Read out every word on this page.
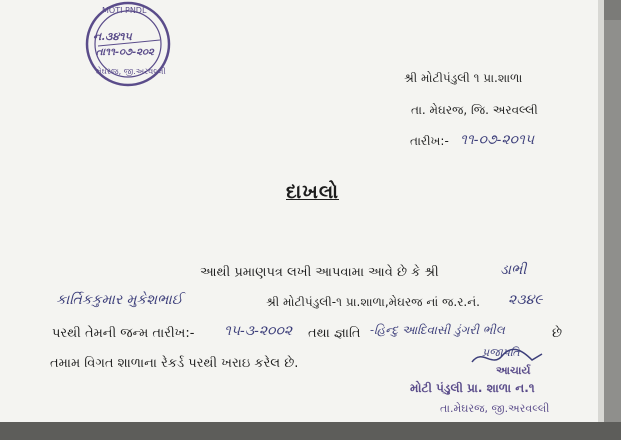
MOTI PNDL
ન.૩૪૧૫
તા૧૧-૦૭-૨૦૨
મેઘરજ, જી.અરવલ્લી	શ્રી મોટીપંડુલી ૧ પ્રા.શાળા
તા. મેઘરજ, જિ. અરવલ્લી
તારીખ:- ૧૧-૦૭-૨૦૧૫
દાખલો
આથી પ્રમાણપત્ર લખી આપવામા આવે છે કે શ્રી	ડાભી
કાર્તિકકુમાર મુકેશભાઈ	શ્રી મોટીપંડુલી-૧ પ્રા.શાળા,મેઘરજ નાં જ.ર.નં. ૨૩૪૯
પરથી તેમની જન્મ તારીખ:- ૧૫-૩-૨૦૦૨ તથા જ્ઞાતિ -હિન્દુ આદિવાસી ડુંગરી ભીલ	છે
તમામ વિગત શાળાના રેકર્ડ પરથી ખરાઇ કરેલ છે.
પ્રજાપતિ
આચાર્ય
મોટી પંડુલી પ્રા. શાળા ન.૧
તા.મેઘરજ, જી.અરવલ્લી
